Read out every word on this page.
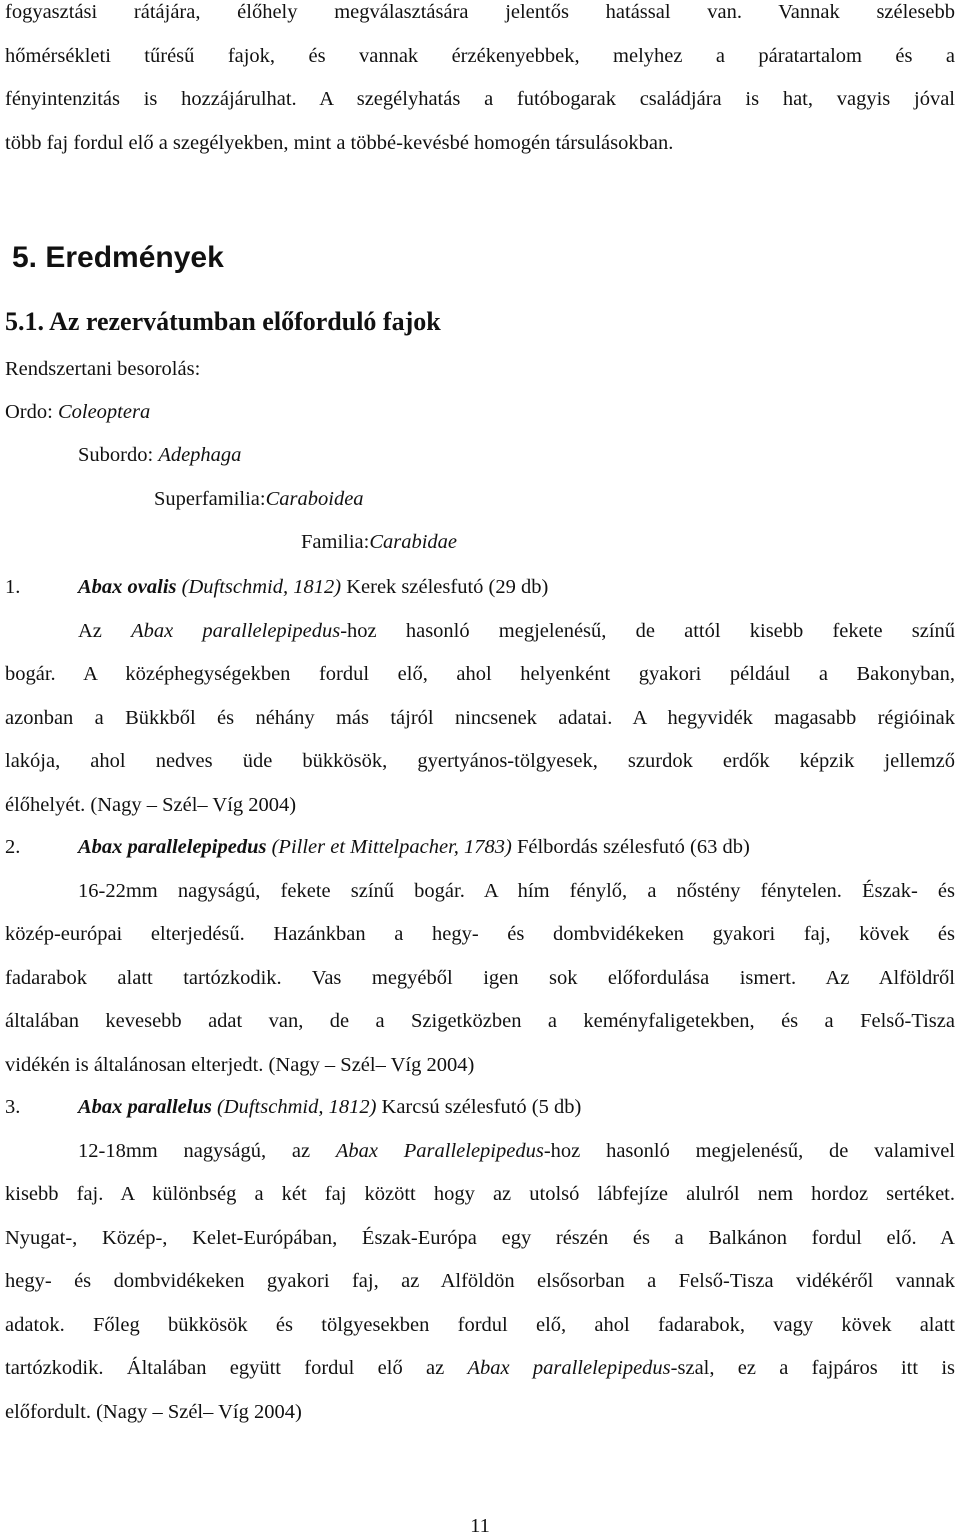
fogyasztási rátájára, élőhely megválasztására jelentős hatással van. Vannak szélesebb

hőmérsékleti tűrésű fajok, és vannak érzékenyebbek, melyhez a páratartalom és a

fényintenzitás is hozzájárulhat. A szegélyhatás a futóbogarak családjára is hat, vagyis jóval

több faj fordul elő a szegélyekben, mint a többé-kevésbé homogén társulásokban.

5. Eredmények
5.1. Az rezervátumban előforduló fajok
Rendszertani besorolás:
Ordo: Coleoptera
Subordo: Adephaga
Superfamilia:Caraboidea
Familia:Carabidae

1.	Abax ovalis (Duftschmid, 1812) Kerek szélesfutó (29 db)

Az Abax parallelepipedus-hoz hasonló megjelenésű, de attól kisebb fekete színű

bogár. A középhegységekben fordul elő, ahol helyenként gyakori például a Bakonyban,

azonban a Bükkből és néhány más tájról nincsenek adatai. A hegyvidék magasabb régióinak

lakója, ahol nedves üde bükkösök, gyertyános-tölgyesek, szurdok erdők képzik jellemző

élőhelyét. (Nagy – Szél– Víg 2004)

2.	Abax parallelepipedus (Piller et Mittelpacher, 1783) Félbordás szélesfutó (63 db)

16-22mm nagyságú, fekete színű bogár. A hím fénylő, a nőstény fénytelen. Észak- és

közép-európai elterjedésű. Hazánkban a hegy- és dombvidékeken gyakori faj, kövek és

fadarabok alatt tartózkodik. Vas megyéből igen sok előfordulása ismert. Az Alföldről

általában kevesebb adat van, de a Szigetközben a keményfaligetekben, és a Felső-Tisza

vidékén is általánosan elterjedt. (Nagy – Szél– Víg 2004)

3.	Abax parallelus (Duftschmid, 1812) Karcsú szélesfutó (5 db)

12-18mm nagyságú, az Abax Parallelepipedus-hoz hasonló megjelenésű, de valamivel

kisebb faj. A különbség a két faj között hogy az utolsó lábfejíze alulról nem hordoz sertéket.

Nyugat-, Közép-, Kelet-Európában, Észak-Európa egy részén és a Balkánon fordul elő. A

hegy- és dombvidékeken gyakori faj, az Alföldön elsősorban a Felső-Tisza vidékéről vannak

adatok. Főleg bükkösök és tölgyesekben fordul elő, ahol fadarabok, vagy kövek alatt

tartózkodik. Általában együtt fordul elő az Abax parallelepipedus-szal, ez a fajpáros itt is

előfordult. (Nagy – Szél– Víg 2004)

11
